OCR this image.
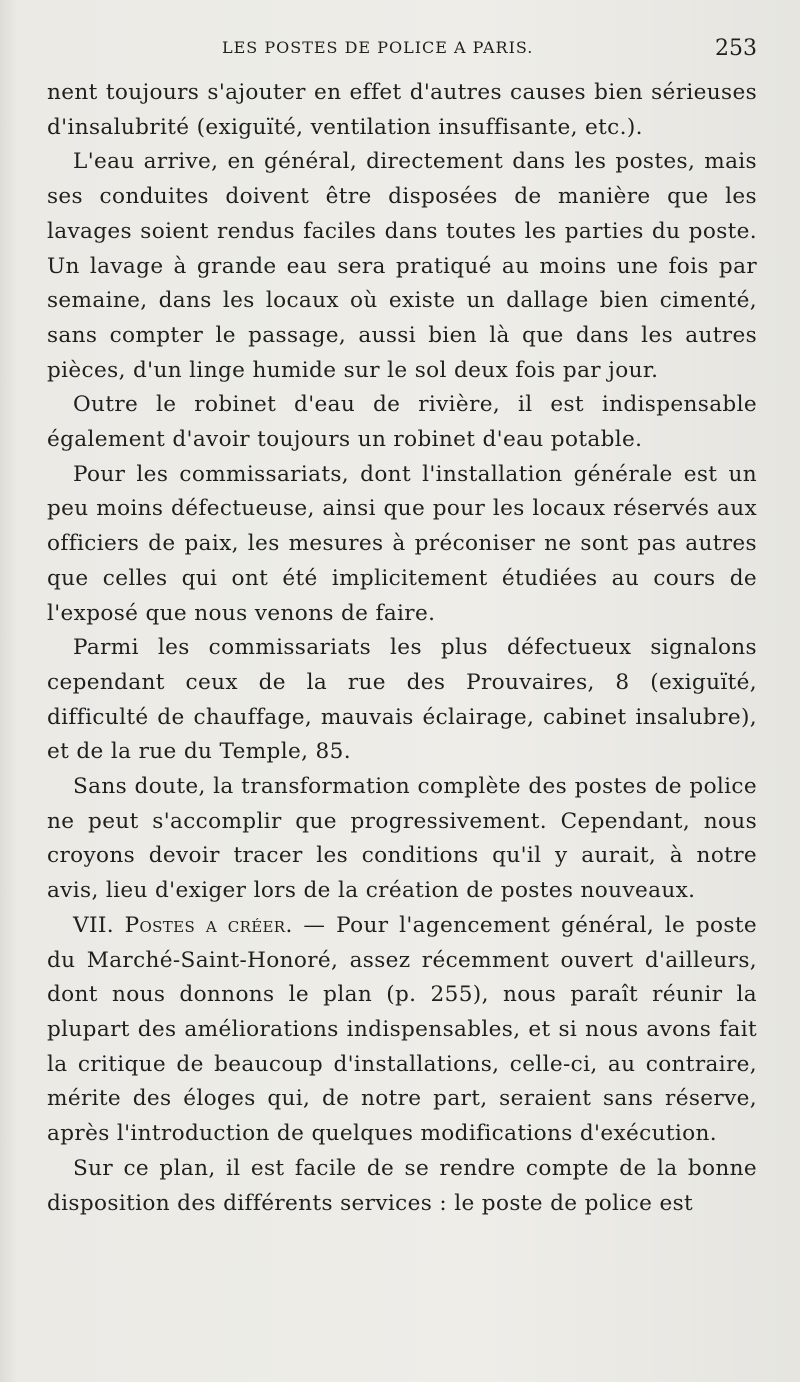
LES POSTES DE POLICE A PARIS.	253

nent toujours s'ajouter en effet d'autres causes bien sérieuses d'insalubrité (exiguïté, ventilation insuffisante, etc.).

L'eau arrive, en général, directement dans les postes, mais ses conduites doivent être disposées de manière que les lavages soient rendus faciles dans toutes les parties du poste. Un lavage à grande eau sera pratiqué au moins une fois par semaine, dans les locaux où existe un dallage bien cimenté, sans compter le passage, aussi bien là que dans les autres pièces, d'un linge humide sur le sol deux fois par jour.

Outre le robinet d'eau de rivière, il est indispensable également d'avoir toujours un robinet d'eau potable.

Pour les commissariats, dont l'installation générale est un peu moins défectueuse, ainsi que pour les locaux réservés aux officiers de paix, les mesures à préconiser ne sont pas autres que celles qui ont été implicitement étudiées au cours de l'exposé que nous venons de faire.

Parmi les commissariats les plus défectueux signalons cependant ceux de la rue des Prouvaires, 8 (exiguïté, difficulté de chauffage, mauvais éclairage, cabinet insalubre), et de la rue du Temple, 85.

Sans doute, la transformation complète des postes de police ne peut s'accomplir que progressivement. Cependant, nous croyons devoir tracer les conditions qu'il y aurait, à notre avis, lieu d'exiger lors de la création de postes nouveaux.

VII. Postes a créer. — Pour l'agencement général, le poste du Marché-Saint-Honoré, assez récemment ouvert d'ailleurs, dont nous donnons le plan (p. 255), nous paraît réunir la plupart des améliorations indispensables, et si nous avons fait la critique de beaucoup d'installations, celle-ci, au contraire, mérite des éloges qui, de notre part, seraient sans réserve, après l'introduction de quelques modifications d'exécution.

Sur ce plan, il est facile de se rendre compte de la bonne disposition des différents services : le poste de police est
